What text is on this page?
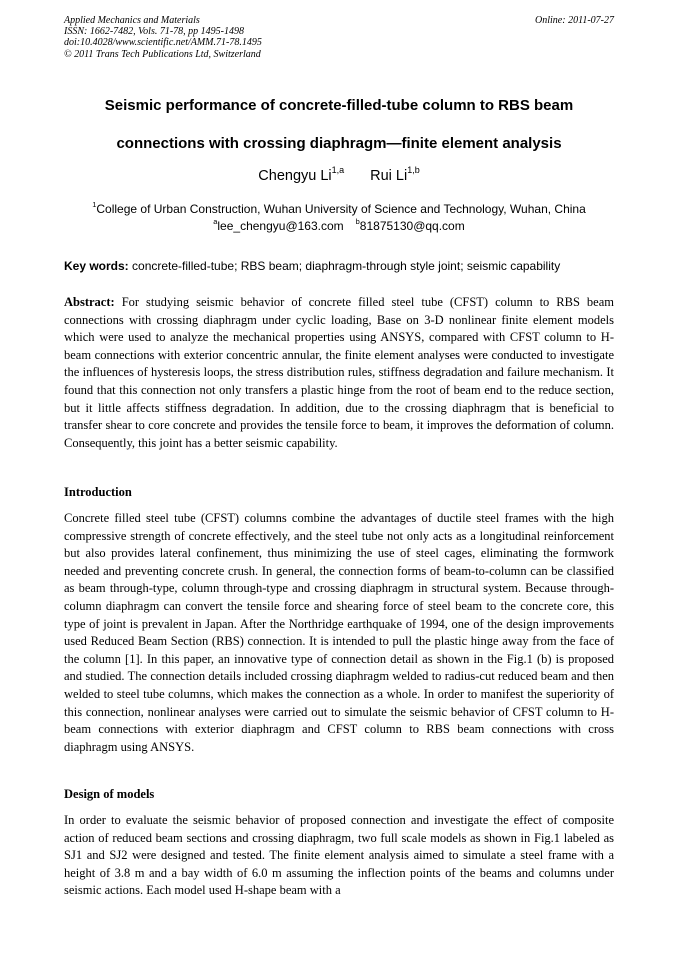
Applied Mechanics and Materials
ISSN: 1662-7482, Vols. 71-78, pp 1495-1498
doi:10.4028/www.scientific.net/AMM.71-78.1495
© 2011 Trans Tech Publications Ltd, Switzerland
Online: 2011-07-27
Seismic performance of concrete-filled-tube column to RBS beam
connections with crossing diaphragm—finite element analysis
Chengyu Li$^{1,a}$ Rui Li$^{1,b}$
$^1$College of Urban Construction, Wuhan University of Science and Technology, Wuhan, China
$^a$lee_chengyu@163.com $^b$81875130@qq.com
Key words: concrete-filled-tube; RBS beam; diaphragm-through style joint; seismic capability
Abstract: For studying seismic behavior of concrete filled steel tube (CFST) column to RBS beam connections with crossing diaphragm under cyclic loading, Base on 3-D nonlinear finite element models which were used to analyze the mechanical properties using ANSYS, compared with CFST column to H-beam connections with exterior concentric annular, the finite element analyses were conducted to investigate the influences of hysteresis loops, the stress distribution rules, stiffness degradation and failure mechanism. It found that this connection not only transfers a plastic hinge from the root of beam end to the reduce section, but it little affects stiffness degradation. In addition, due to the crossing diaphragm that is beneficial to transfer shear to core concrete and provides the tensile force to beam, it improves the deformation of column. Consequently, this joint has a better seismic capability.
Introduction
Concrete filled steel tube (CFST) columns combine the advantages of ductile steel frames with the high compressive strength of concrete effectively, and the steel tube not only acts as a longitudinal reinforcement but also provides lateral confinement, thus minimizing the use of steel cages, eliminating the formwork needed and preventing concrete crush. In general, the connection forms of beam-to-column can be classified as beam through-type, column through-type and crossing diaphragm in structural system. Because through-column diaphragm can convert the tensile force and shearing force of steel beam to the concrete core, this type of joint is prevalent in Japan. After the Northridge earthquake of 1994, one of the design improvements used Reduced Beam Section (RBS) connection. It is intended to pull the plastic hinge away from the face of the column [1]. In this paper, an innovative type of connection detail as shown in the Fig.1 (b) is proposed and studied. The connection details included crossing diaphragm welded to radius-cut reduced beam and then welded to steel tube columns, which makes the connection as a whole. In order to manifest the superiority of this connection, nonlinear analyses were carried out to simulate the seismic behavior of CFST column to H-beam connections with exterior diaphragm and CFST column to RBS beam connections with cross diaphragm using ANSYS.
Design of models
In order to evaluate the seismic behavior of proposed connection and investigate the effect of composite action of reduced beam sections and crossing diaphragm, two full scale models as shown in Fig.1 labeled as SJ1 and SJ2 were designed and tested. The finite element analysis aimed to simulate a steel frame with a height of 3.8 m and a bay width of 6.0 m assuming the inflection points of the beams and columns under seismic actions. Each model used H-shape beam with a
